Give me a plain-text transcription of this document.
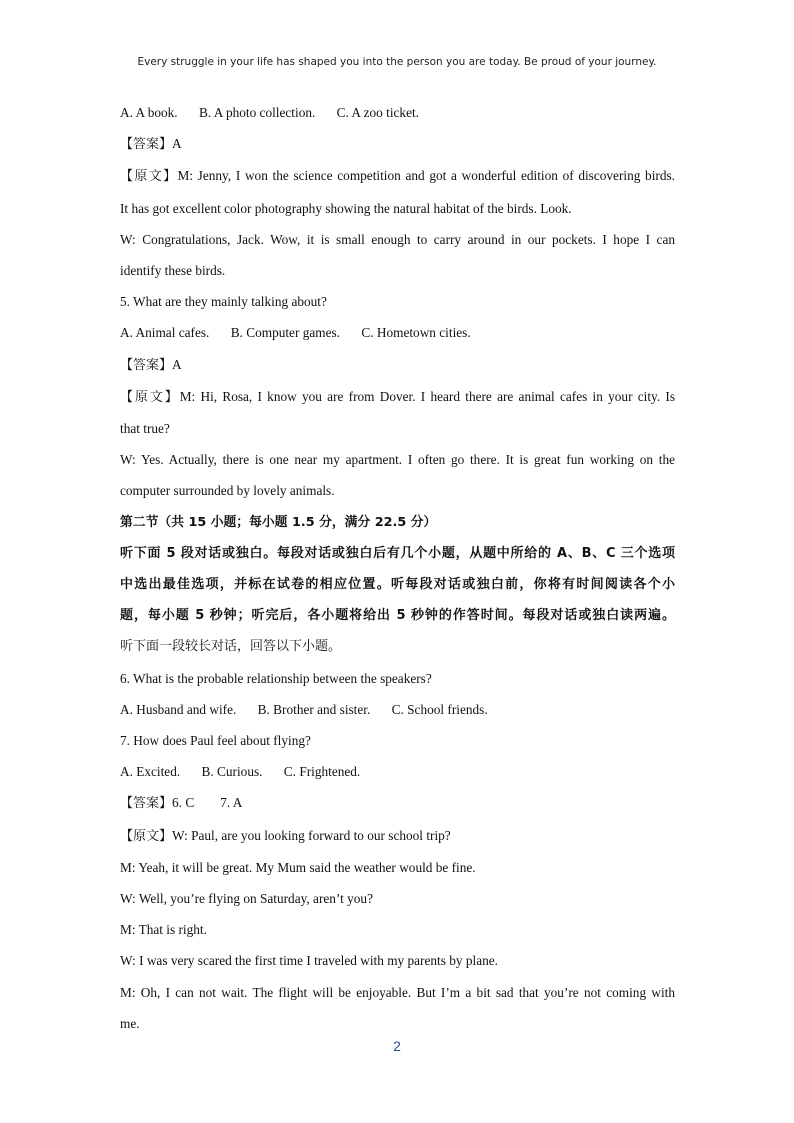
Every struggle in your life has shaped you into the person you are today. Be proud of your journey.
A. A book. B. A photo collection. C. A zoo ticket.
【答案】A
【原文】M: Jenny, I won the science competition and got a wonderful edition of discovering birds.
It has got excellent color photography showing the natural habitat of the birds. Look.
W: Congratulations, Jack. Wow, it is small enough to carry around in our pockets. I hope I can
identify these birds.
5. What are they mainly talking about?
A. Animal cafes. B. Computer games. C. Hometown cities.
【答案】A
【原文】M: Hi, Rosa, I know you are from Dover. I heard there are animal cafes in your city. Is
that true?
W: Yes. Actually, there is one near my apartment. I often go there. It is great fun working on the
computer surrounded by lovely animals.
第二节（共 15 小题；每小题 1.5 分，满分 22.5 分）
听下面 5 段对话或独白。每段对话或独白后有几个小题，从题中所给的 A、B、C 三个选项
中选出最佳选项，并标在试卷的相应位置。听每段对话或独白前，你将有时间阅读各个小
题，每小题 5 秒钟；听完后，各小题将给出 5 秒钟的作答时间。每段对话或独白读两遍。
听下面一段较长对话，回答以下小题。
6. What is the probable relationship between the speakers?
A. Husband and wife. B. Brother and sister. C. School friends.
7. How does Paul feel about flying?
A. Excited. B. Curious. C. Frightened.
【答案】6. C 7. A
【原文】W: Paul, are you looking forward to our school trip?
M: Yeah, it will be great. My Mum said the weather would be fine.
W: Well, you’re flying on Saturday, aren’t you?
M: That is right.
W: I was very scared the first time I traveled with my parents by plane.
M: Oh, I can not wait. The flight will be enjoyable. But I’m a bit sad that you’re not coming with
me.
2
